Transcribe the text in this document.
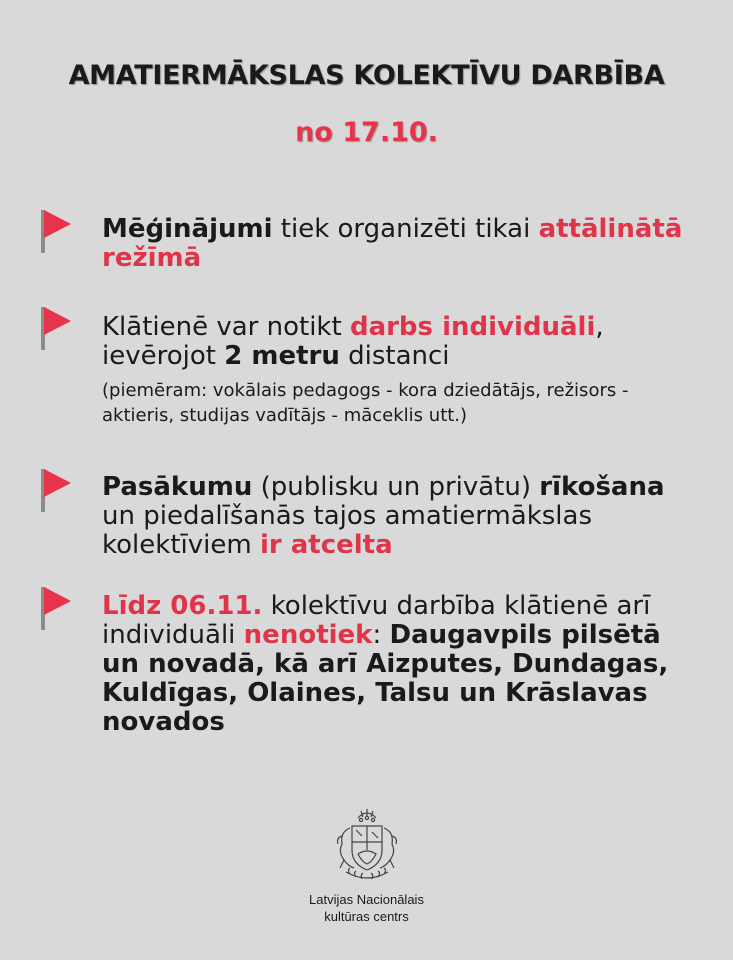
AMATIERMĀKSLAS KOLEKTĪVU DARBĪBA
no 17.10.
Mēģinājumi tiek organizēti tikai attālinātā režīmā
Klātienē var notikt darbs individuāli, ievērojot 2 metru distanci
(piemēram: vokālais pedagogs - kora dziedātājs, režisors - aktieris, studijas vadītājs - māceklis utt.)
Pasākumu (publisku un privātu) rīkošana un piedalīšanās tajos amatiermākslas kolektīviem ir atcelta
Līdz 06.11. kolektīvu darbība klātienē arī individuāli nenotiek: Daugavpils pilsētā un novadā, kā arī Aizputes, Dundagas, Kuldīgas, Olaines, Talsu un Krāslavas novados
Latvijas Nacionālais
kultūras centrs
